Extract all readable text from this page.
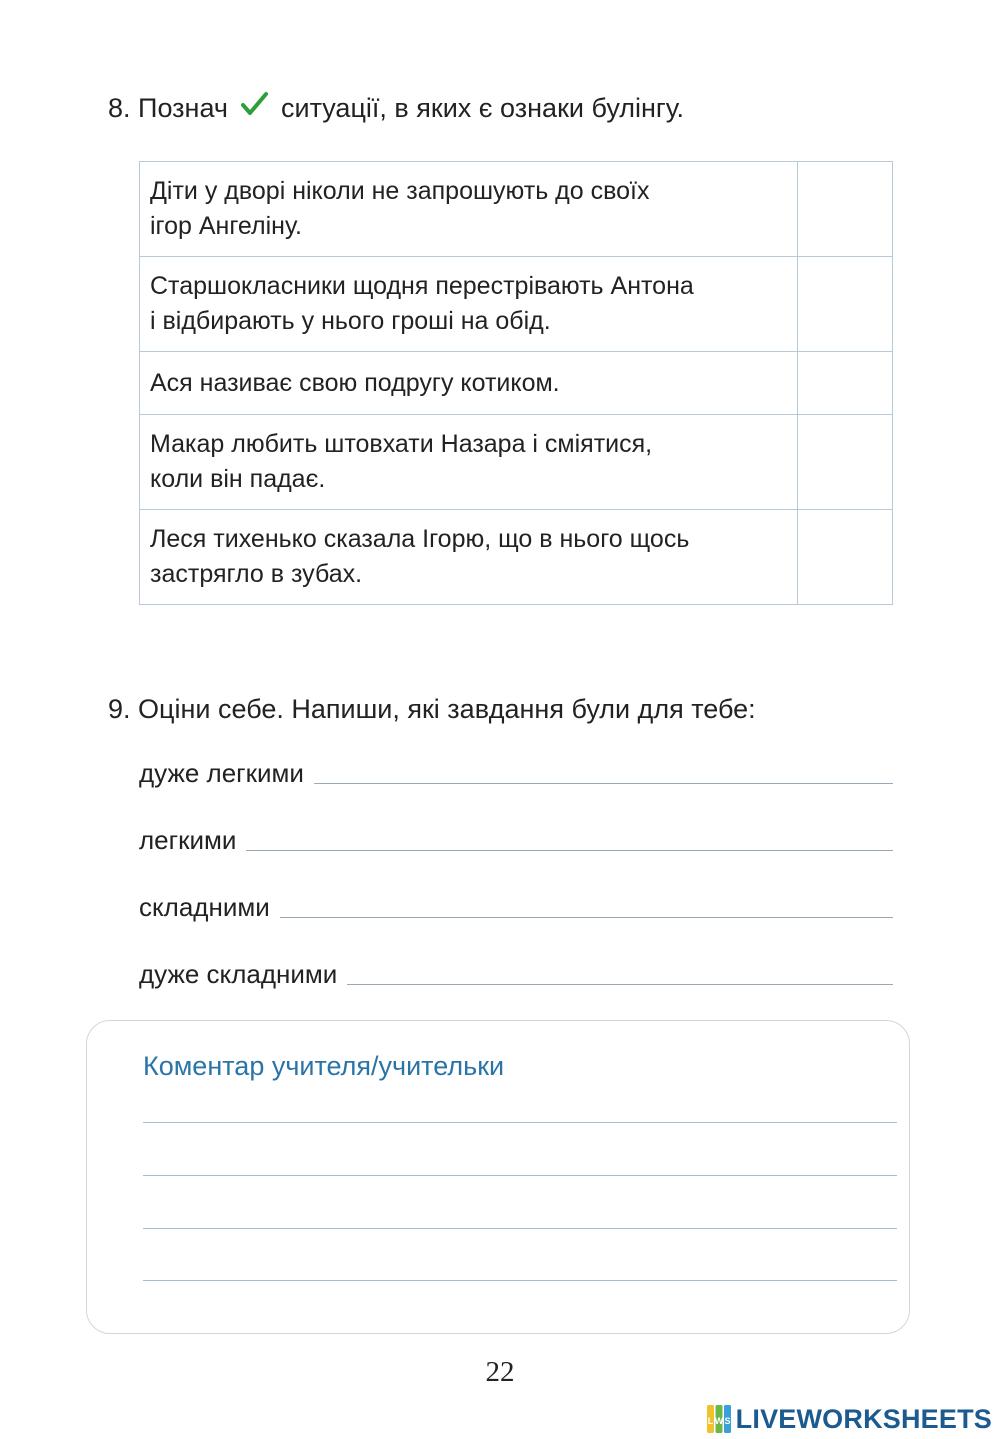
8. Познач ситуації, в яких є ознаки булінгу.
Діти у дворі ніколи не запрошують до своїх
ігор Ангеліну.	

Старшокласники щодня перестрівають Антона
і відбирають у нього гроші на обід.	

Ася називає свою подругу котиком.	

Макар любить штовхати Назара і сміятися,
коли він падає.	

Леся тихенько сказала Ігорю, що в нього щось
застрягло в зубах.	

9. Оціни себе. Напиши, які завдання були для тебе:
дуже легкими
легкими
складними
дуже складними
Коментар учителя/учительки
22
L W S LIVEWORKSHEETS
